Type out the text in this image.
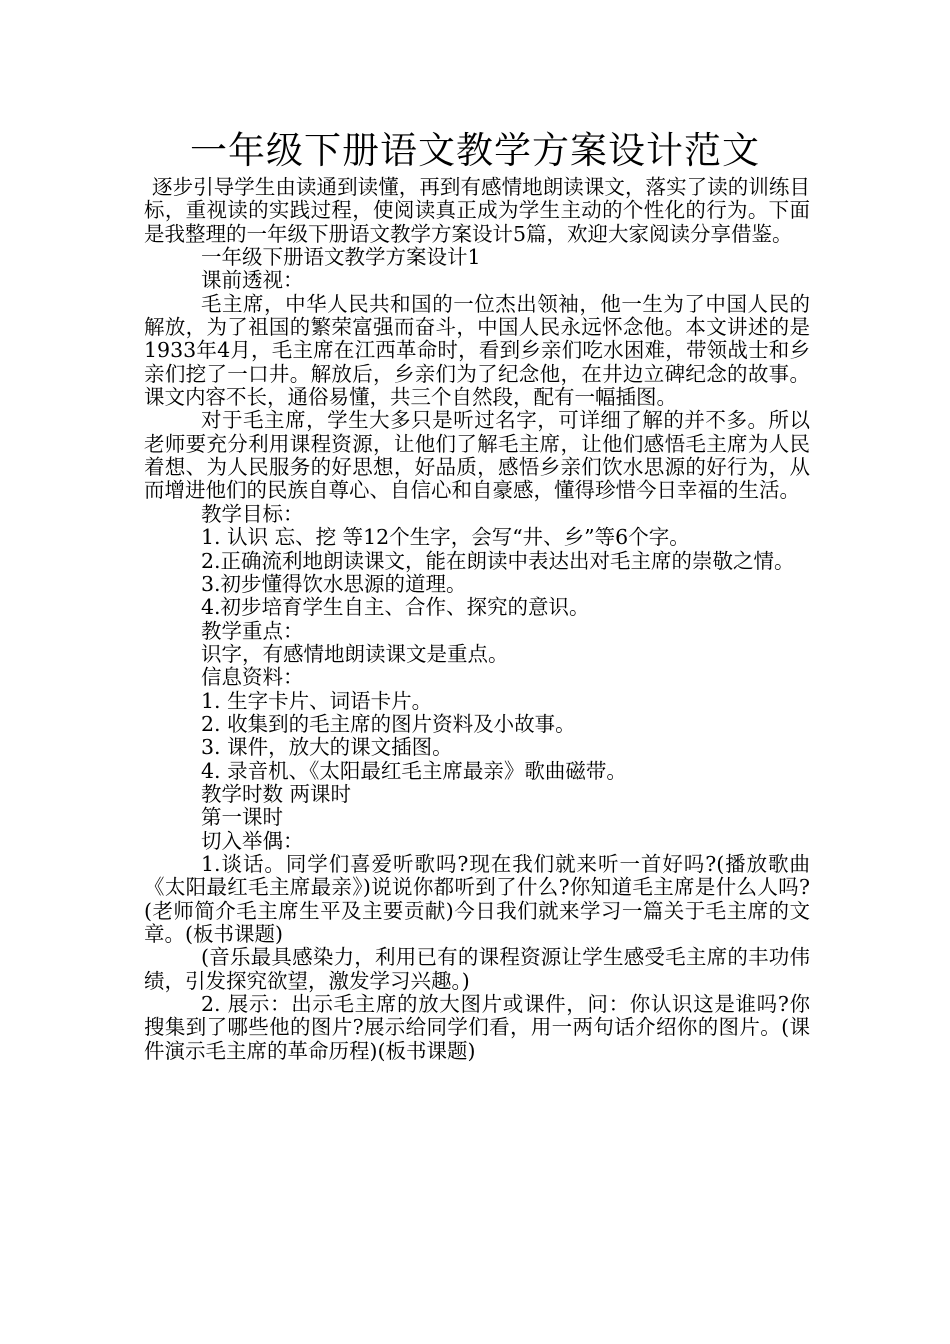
一年级下册语文教学方案设计范文

逐步引导学生由读通到读懂，再到有感情地朗读课文，落实了读的训练目标，重视读的实践过程，使阅读真正成为学生主动的个性化的行为。下面是我整理的一年级下册语文教学方案设计5篇，欢迎大家阅读分享借鉴。

一年级下册语文教学方案设计1

课前透视：

毛主席，中华人民共和国的一位杰出领袖，他一生为了中国人民的解放，为了祖国的繁荣富强而奋斗，中国人民永远怀念他。本文讲述的是1933年4月，毛主席在江西革命时，看到乡亲们吃水困难，带领战士和乡亲们挖了一口井。解放后，乡亲们为了纪念他，在井边立碑纪念的故事。课文内容不长，通俗易懂，共三个自然段，配有一幅插图。

对于毛主席，学生大多只是听过名字，可详细了解的并不多。所以老师要充分利用课程资源，让他们了解毛主席，让他们感悟毛主席为人民着想、为人民服务的好思想，好品质，感悟乡亲们饮水思源的好行为，从而增进他们的民族自尊心、自信心和自豪感，懂得珍惜今日幸福的生活。

教学目标：

1. 认识 忘、挖 等12个生字，会写“井、乡”等6个字。

2.正确流利地朗读课文，能在朗读中表达出对毛主席的崇敬之情。

3.初步懂得饮水思源的道理。

4.初步培育学生自主、合作、探究的意识。

教学重点：

识字，有感情地朗读课文是重点。

信息资料：

1. 生字卡片、词语卡片。

2. 收集到的毛主席的图片资料及小故事。

3. 课件，放大的课文插图。

4. 录音机、《太阳最红毛主席最亲》歌曲磁带。

教学时数 两课时

第一课时

切入举偶：

1.谈话。同学们喜爱听歌吗?现在我们就来听一首好吗?(播放歌曲《太阳最红毛主席最亲》)说说你都听到了什么?你知道毛主席是什么人吗?(老师简介毛主席生平及主要贡献)今日我们就来学习一篇关于毛主席的文章。(板书课题)

(音乐最具感染力，利用已有的课程资源让学生感受毛主席的丰功伟绩，引发探究欲望，激发学习兴趣。)

2. 展示：出示毛主席的放大图片或课件，问：你认识这是谁吗?你搜集到了哪些他的图片?展示给同学们看，用一两句话介绍你的图片。(课件演示毛主席的革命历程)(板书课题)
